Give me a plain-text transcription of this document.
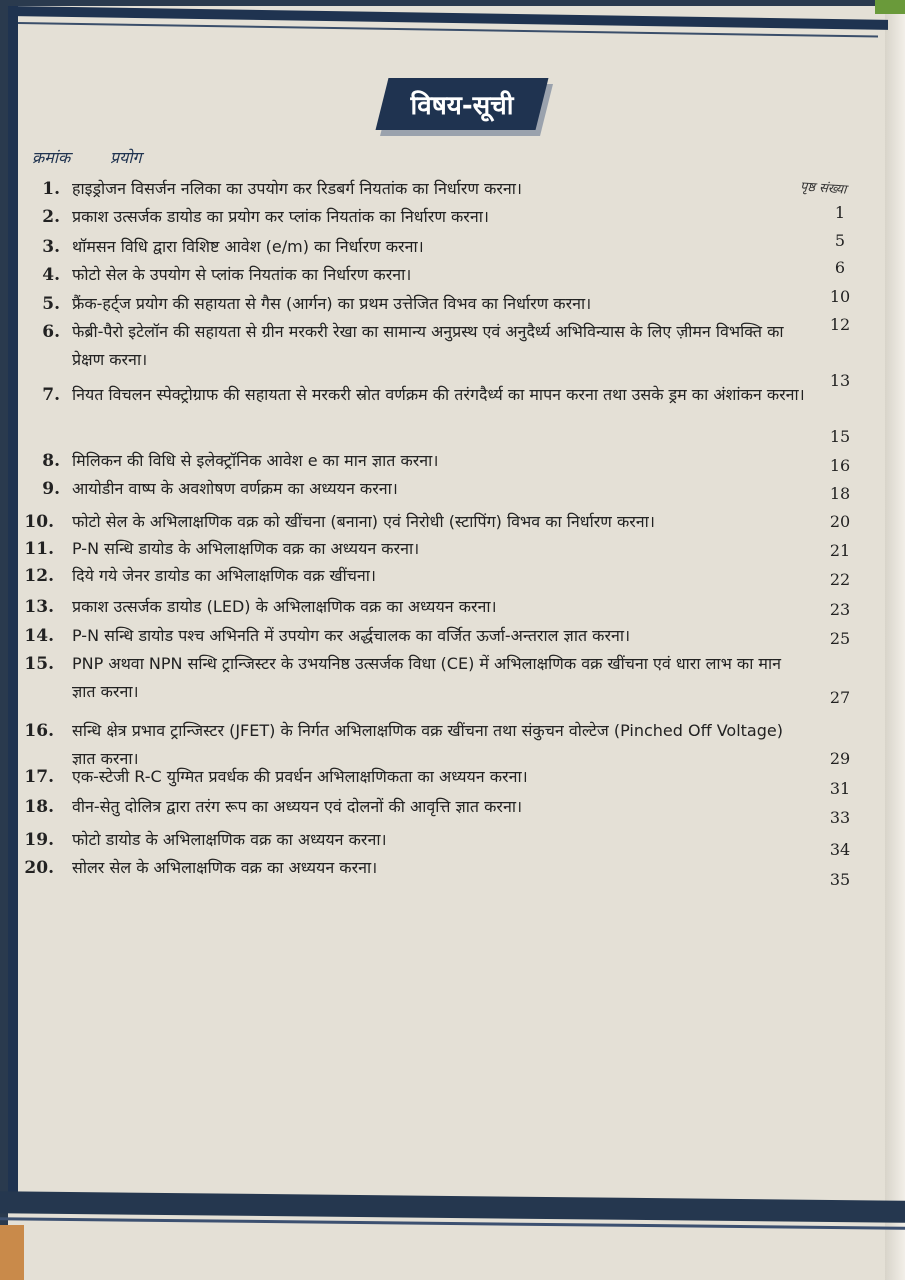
विषय-सूची
क्रमांक प्रयोग
पृष्ठ संख्या
1. हाइड्रोजन विसर्जन नलिका का उपयोग कर रिडबर्ग नियतांक का निर्धारण करना।
1
2. प्रकाश उत्सर्जक डायोड का प्रयोग कर प्लांक नियतांक का निर्धारण करना।
5
3. थॉमसन विधि द्वारा विशिष्ट आवेश (e/m) का निर्धारण करना।
6
4. फोटो सेल के उपयोग से प्लांक नियतांक का निर्धारण करना।
10
5. फ्रैंक-हर्ट्ज प्रयोग की सहायता से गैस (आर्गन) का प्रथम उत्तेजित विभव का निर्धारण करना।
12
6. फेब्री-पैरो इटेलॉन की सहायता से ग्रीन मरकरी रेखा का सामान्य अनुप्रस्थ एवं अनुदैर्ध्य अभिविन्यास के लिए ज़ीमन विभक्ति का प्रेक्षण करना।
13
7. नियत विचलन स्पेक्ट्रोग्राफ की सहायता से मरकरी स्रोत वर्णक्रम की तरंगदैर्ध्य का मापन करना तथा उसके ड्रम का अंशांकन करना।
15
8. मिलिकन की विधि से इलेक्ट्रॉनिक आवेश e का मान ज्ञात करना।	16
9. आयोडीन वाष्प के अवशोषण वर्णक्रम का अध्ययन करना।	18
10. फोटो सेल के अभिलाक्षणिक वक्र को खींचना (बनाना) एवं निरोधी (स्टापिंग) विभव का निर्धारण करना।	20
11. P-N सन्धि डायोड के अभिलाक्षणिक वक्र का अध्ययन करना।	21
12. दिये गये जेनर डायोड का अभिलाक्षणिक वक्र खींचना।	22
13. प्रकाश उत्सर्जक डायोड (LED) के अभिलाक्षणिक वक्र का अध्ययन करना।	23
14. P-N सन्धि डायोड पश्च अभिनति में उपयोग कर अर्द्धचालक का वर्जित ऊर्जा-अन्तराल ज्ञात करना।	25
15. PNP अथवा NPN सन्धि ट्रान्जिस्टर के उभयनिष्ठ उत्सर्जक विधा (CE) में अभिलाक्षणिक वक्र खींचना एवं धारा लाभ का मान ज्ञात करना।	27
16. सन्धि क्षेत्र प्रभाव ट्रान्जिस्टर (JFET) के निर्गत अभिलाक्षणिक वक्र खींचना तथा संकुचन वोल्टेज (Pinched Off Voltage) ज्ञात करना।	29
17. एक-स्टेजी R-C युग्मित प्रवर्धक की प्रवर्धन अभिलाक्षणिकता का अध्ययन करना।
31
18. वीन-सेतु दोलित्र द्वारा तरंग रूप का अध्ययन एवं दोलनों की आवृत्ति ज्ञात करना।
33
19. फोटो डायोड के अभिलाक्षणिक वक्र का अध्ययन करना।
34
20. सोलर सेल के अभिलाक्षणिक वक्र का अध्ययन करना।
35
